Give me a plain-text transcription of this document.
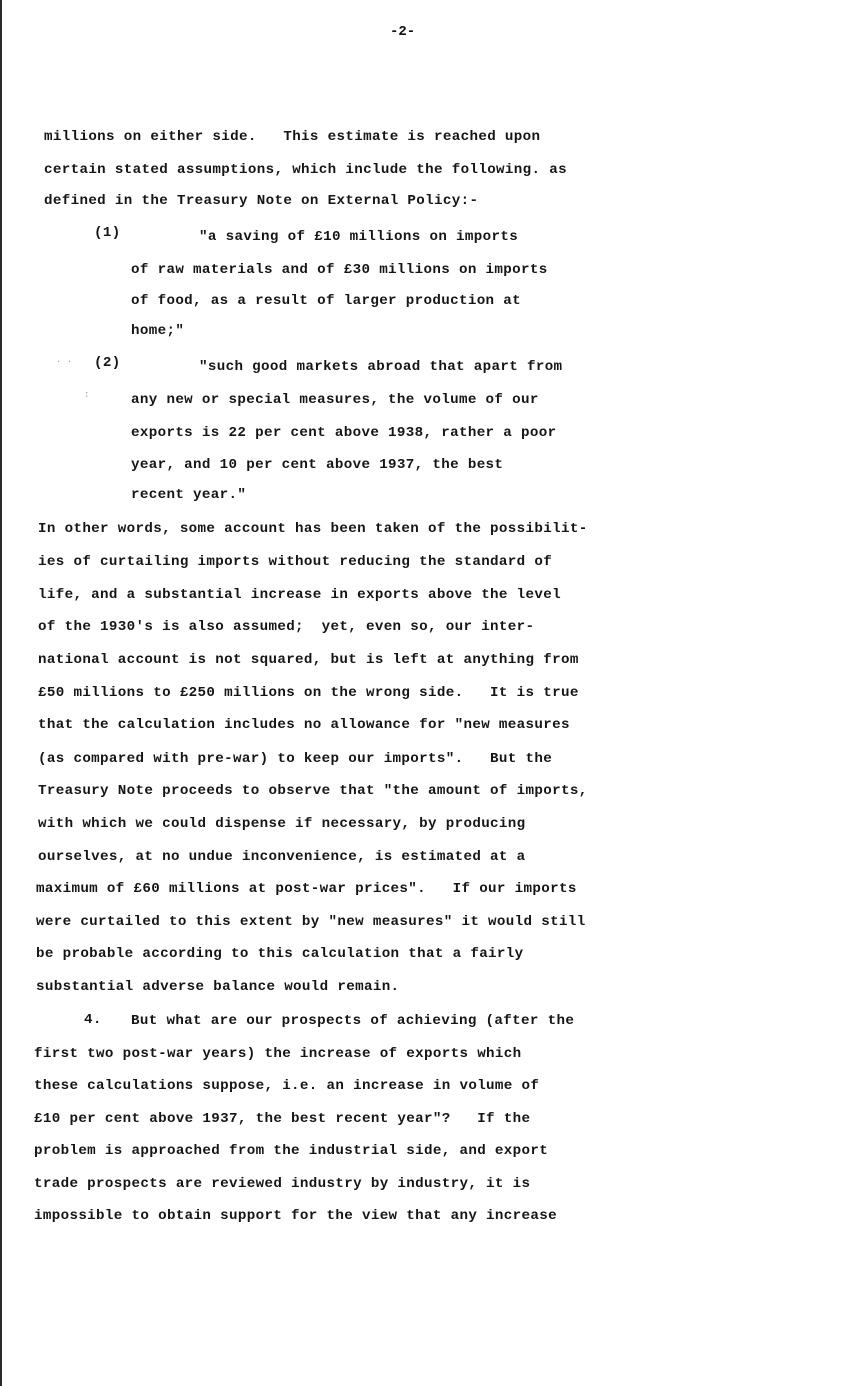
-2-
. .
:
millions on either side.   This estimate is reached upon
certain stated assumptions, which include the following. as
defined in the Treasury Note on External Policy:-
(1)	"a saving of £10 millions on imports
of raw materials and of £30 millions on imports
of food, as a result of larger production at
home;"
(2)	"such good markets abroad that apart from
any new or special measures, the volume of our
exports is 22 per cent above 1938, rather a poor
year, and 10 per cent above 1937, the best
recent year."
In other words, some account has been taken of the possibilit-
ies of curtailing imports without reducing the standard of
life, and a substantial increase in exports above the level
of the 1930's is also assumed;  yet, even so, our inter-
national account is not squared, but is left at anything from
£50 millions to £250 millions on the wrong side.   It is true
that the calculation includes no allowance for "new measures
(as compared with pre-war) to keep our imports".   But the
Treasury Note proceeds to observe that "the amount of imports,
with which we could dispense if necessary, by producing
ourselves, at no undue inconvenience, is estimated at a
maximum of £60 millions at post-war prices".   If our imports
were curtailed to this extent by "new measures" it would still
be probable according to this calculation that a fairly
substantial adverse balance would remain.
4. But what are our prospects of achieving (after the
first two post-war years) the increase of exports which
these calculations suppose, i.e. an increase in volume of
£10 per cent above 1937, the best recent year"?   If the
problem is approached from the industrial side, and export
trade prospects are reviewed industry by industry, it is
impossible to obtain support for the view that any increase
